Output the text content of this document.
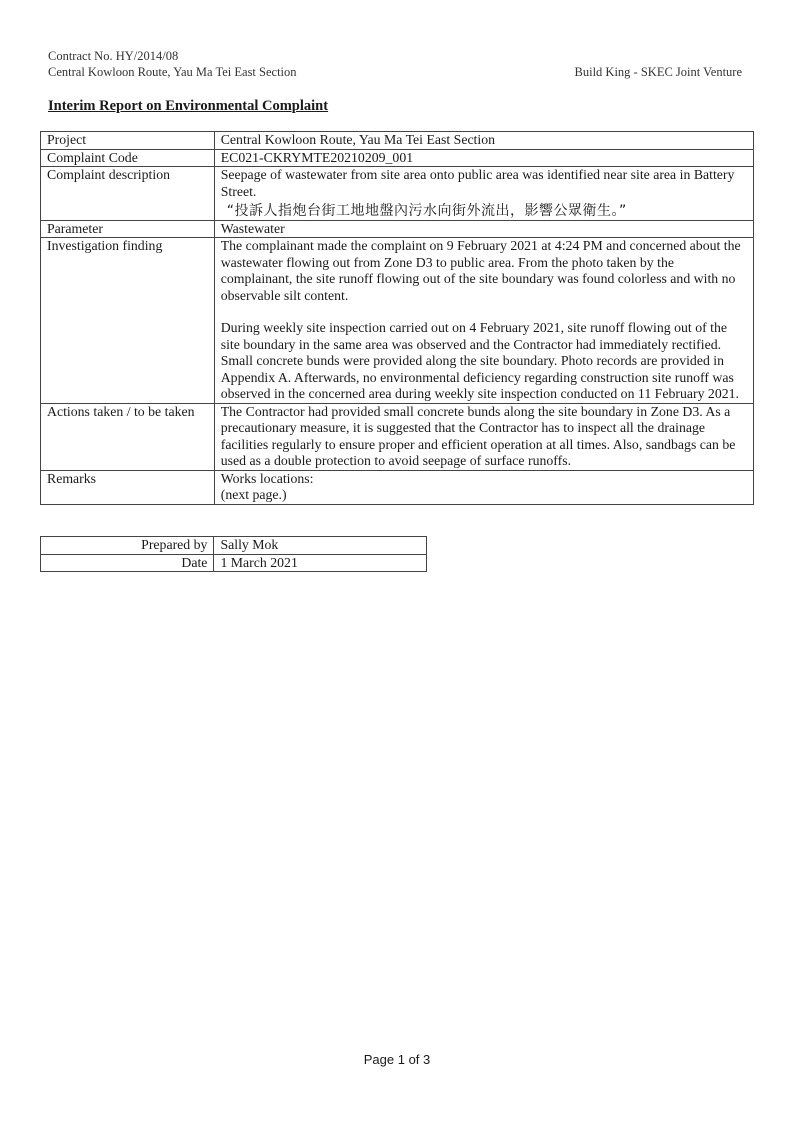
Contract No. HY/2014/08
Central Kowloon Route, Yau Ma Tei East Section	Build King - SKEC Joint Venture
Interim Report on Environmental Complaint
Project	Central Kowloon Route, Yau Ma Tei East Section
Complaint Code	EC021-CKRYMTE20210209_001
Complaint description	Seepage of wastewater from site area onto public area was identified near site area in Battery Street.
“投訴人指炮台街工地地盤內污水向街外流出，影響公眾衛生。”

Parameter	Wastewater
Investigation finding	The complainant made the complaint on 9 February 2021 at 4:24 PM and concerned about the wastewater flowing out from Zone D3 to public area. From the photo taken by the complainant, the site runoff flowing out of the site boundary was found colorless and with no observable silt content.
During weekly site inspection carried out on 4 February 2021, site runoff flowing out of the site boundary in the same area was observed and the Contractor had immediately rectified. Small concrete bunds were provided along the site boundary. Photo records are provided in Appendix A. Afterwards, no environmental deficiency regarding construction site runoff was observed in the concerned area during weekly site inspection conducted on 11 February 2021.

Actions taken / to be taken	The Contractor had provided small concrete bunds along the site boundary in Zone D3. As a precautionary measure, it is suggested that the Contractor has to inspect all the drainage facilities regularly to ensure proper and efficient operation at all times. Also, sandbags can be used as a double protection to avoid seepage of surface runoffs.
Remarks	Works locations:
(next page.)
Prepared by	Sally Mok
Date	1 March 2021
Page 1 of 3
